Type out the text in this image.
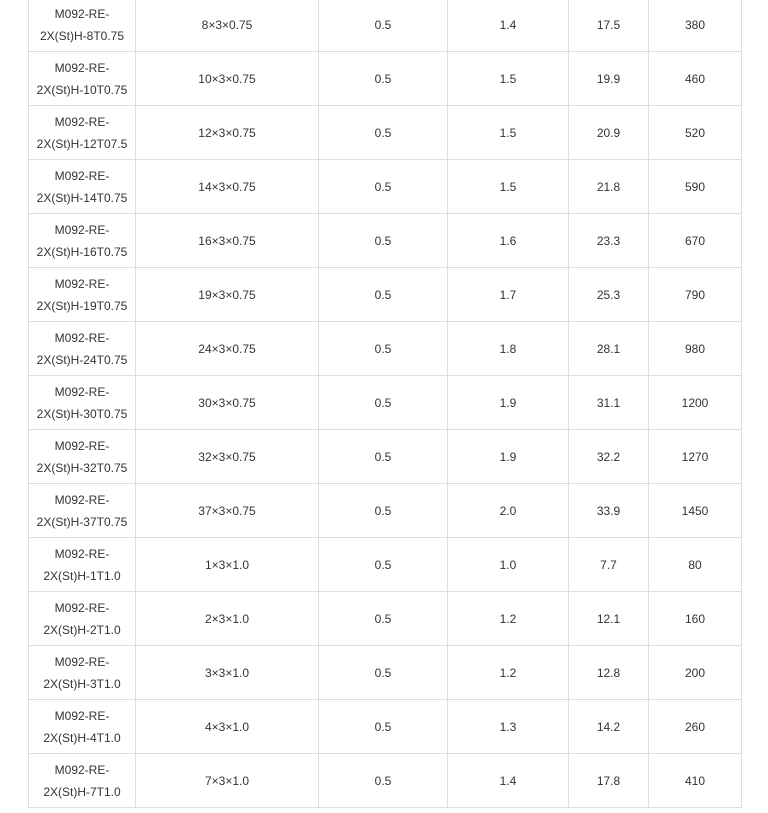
M092-RE-
2X(St)H-8T0.75	8×3×0.75	0.5	1.4	17.5	380

M092-RE-
2X(St)H-10T0.75	10×3×0.75	0.5	1.5	19.9	460

M092-RE-
2X(St)H-12T07.5	12×3×0.75	0.5	1.5	20.9	520

M092-RE-
2X(St)H-14T0.75	14×3×0.75	0.5	1.5	21.8	590

M092-RE-
2X(St)H-16T0.75	16×3×0.75	0.5	1.6	23.3	670

M092-RE-
2X(St)H-19T0.75	19×3×0.75	0.5	1.7	25.3	790

M092-RE-
2X(St)H-24T0.75	24×3×0.75	0.5	1.8	28.1	980

M092-RE-
2X(St)H-30T0.75	30×3×0.75	0.5	1.9	31.1	1200

M092-RE-
2X(St)H-32T0.75	32×3×0.75	0.5	1.9	32.2	1270

M092-RE-
2X(St)H-37T0.75	37×3×0.75	0.5	2.0	33.9	1450

M092-RE-
2X(St)H-1T1.0	1×3×1.0	0.5	1.0	7.7	80

M092-RE-
2X(St)H-2T1.0	2×3×1.0	0.5	1.2	12.1	160

M092-RE-
2X(St)H-3T1.0	3×3×1.0	0.5	1.2	12.8	200

M092-RE-
2X(St)H-4T1.0	4×3×1.0	0.5	1.3	14.2	260

M092-RE-
2X(St)H-7T1.0	7×3×1.0	0.5	1.4	17.8	410
